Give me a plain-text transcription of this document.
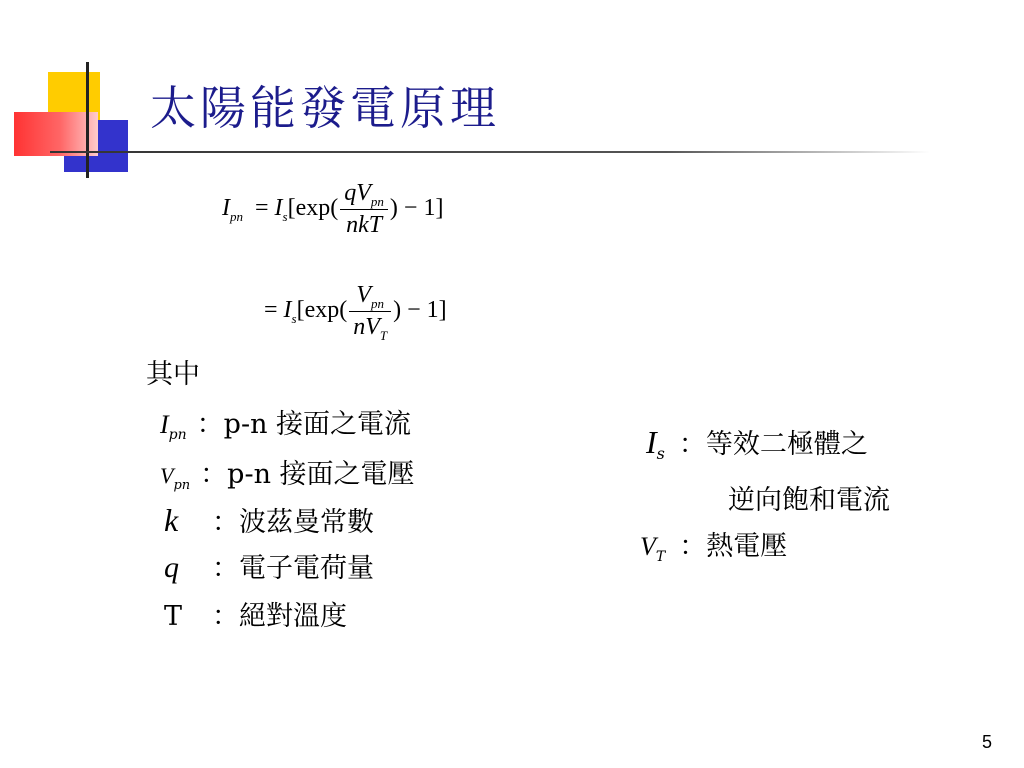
太陽能發電原理
$I_{pn} = I_s[\exp( \frac{qV_{pn}}{\text{nkT}}$ ) − 1]
= $I_s[\exp( \frac{V_{pn}}{nV_T}$ ) − 1]
其中
$I_{pn}$ ：p-n 接面之電流
$V_{pn}$ ：p-n 接面之電壓
k ：波茲曼常數
q ：電子電荷量
T ：絕對溫度
$I_s$ ：等效二極體之
逆向飽和電流
$V_T$ ：熱電壓
5
